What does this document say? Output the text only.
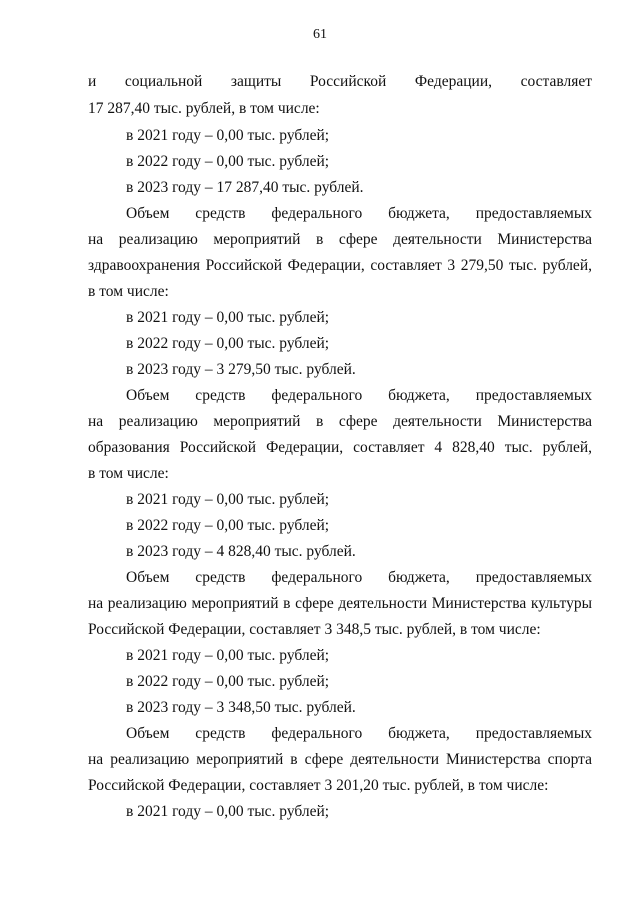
61
и социальной защиты Российской Федерации, составляет
17 287,40 тыс. рублей, в том числе:
в 2021 году – 0,00 тыс. рублей;
в 2022 году – 0,00 тыс. рублей;
в 2023 году – 17 287,40 тыс. рублей.
Объем средств федерального бюджета, предоставляемых
на реализацию мероприятий в сфере деятельности Министерства
здравоохранения Российской Федерации, составляет 3 279,50 тыс. рублей,
в том числе:
в 2021 году – 0,00 тыс. рублей;
в 2022 году – 0,00 тыс. рублей;
в 2023 году – 3 279,50 тыс. рублей.
Объем средств федерального бюджета, предоставляемых
на реализацию мероприятий в сфере деятельности Министерства
образования Российской Федерации, составляет 4 828,40 тыс. рублей,
в том числе:
в 2021 году – 0,00 тыс. рублей;
в 2022 году – 0,00 тыс. рублей;
в 2023 году – 4 828,40 тыс. рублей.
Объем средств федерального бюджета, предоставляемых
на реализацию мероприятий в сфере деятельности Министерства культуры
Российской Федерации, составляет 3 348,5 тыс. рублей, в том числе:
в 2021 году – 0,00 тыс. рублей;
в 2022 году – 0,00 тыс. рублей;
в 2023 году – 3 348,50 тыс. рублей.
Объем средств федерального бюджета, предоставляемых
на реализацию мероприятий в сфере деятельности Министерства спорта
Российской Федерации, составляет 3 201,20 тыс. рублей, в том числе:
в 2021 году – 0,00 тыс. рублей;
